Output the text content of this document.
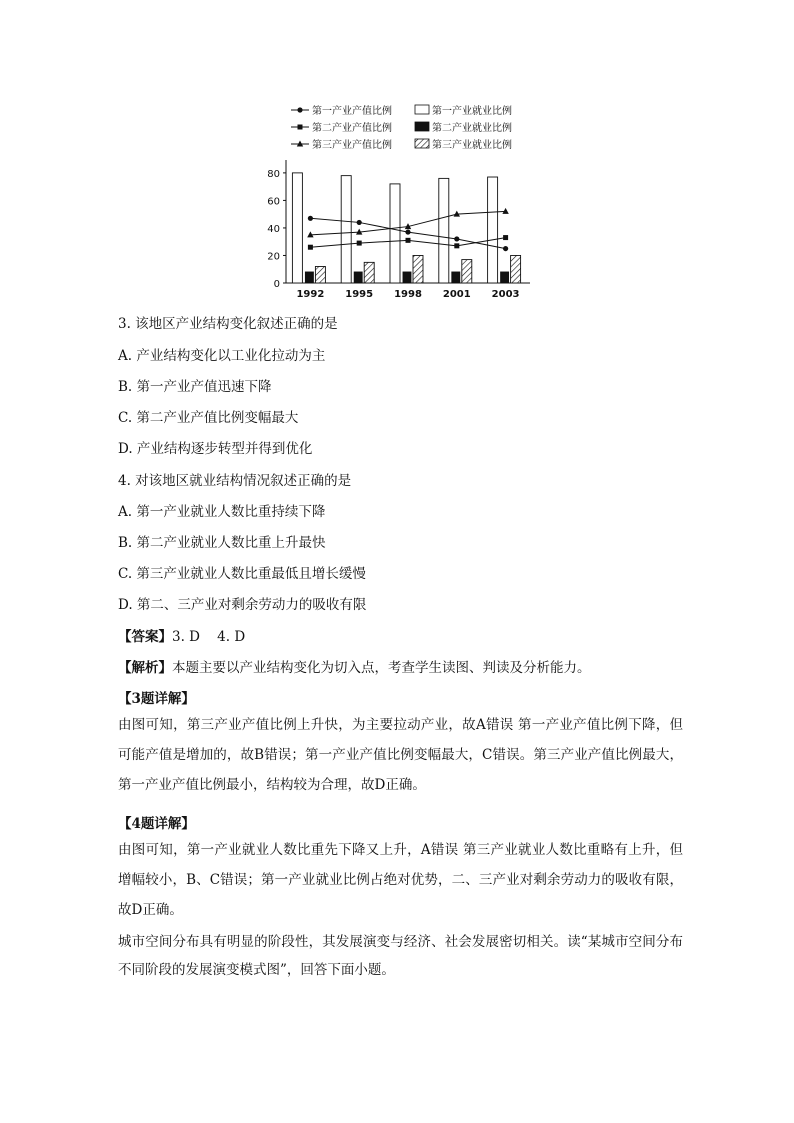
第一产业产值比例
第二产业产值比例
第三产业产值比例
第一产业就业比例
第二产业就业比例
第三产业就业比例
0
20
40
60
80
1992 1995 1998 2001 2003
3. 该地区产业结构变化叙述正确的是
A. 产业结构变化以工业化拉动为主
B. 第一产业产值迅速下降
C. 第二产业产值比例变幅最大
D. 产业结构逐步转型并得到优化
4. 对该地区就业结构情况叙述正确的是
A. 第一产业就业人数比重持续下降
B. 第二产业就业人数比重上升最快
C. 第三产业就业人数比重最低且增长缓慢
D. 第二、三产业对剩余劳动力的吸收有限
【答案】3. D    4. D
【解析】本题主要以产业结构变化为切入点，考查学生读图、判读及分析能力。
【3题详解】
由图可知，第三产业产值比例上升快，为主要拉动产业，故A错误 第一产业产值比例下降，但可能产值是增加的，故B错误；第一产业产值比例变幅最大，C错误。第三产业产值比例最大，第一产业产值比例最小，结构较为合理，故D正确。
【4题详解】
由图可知，第一产业就业人数比重先下降又上升，A错误 第三产业就业人数比重略有上升，但增幅较小，B、C错误；第一产业就业比例占绝对优势，二、三产业对剩余劳动力的吸收有限，故D正确。
城市空间分布具有明显的阶段性，其发展演变与经济、社会发展密切相关。读“某城市空间分布不同阶段的发展演变模式图”，回答下面小题。
